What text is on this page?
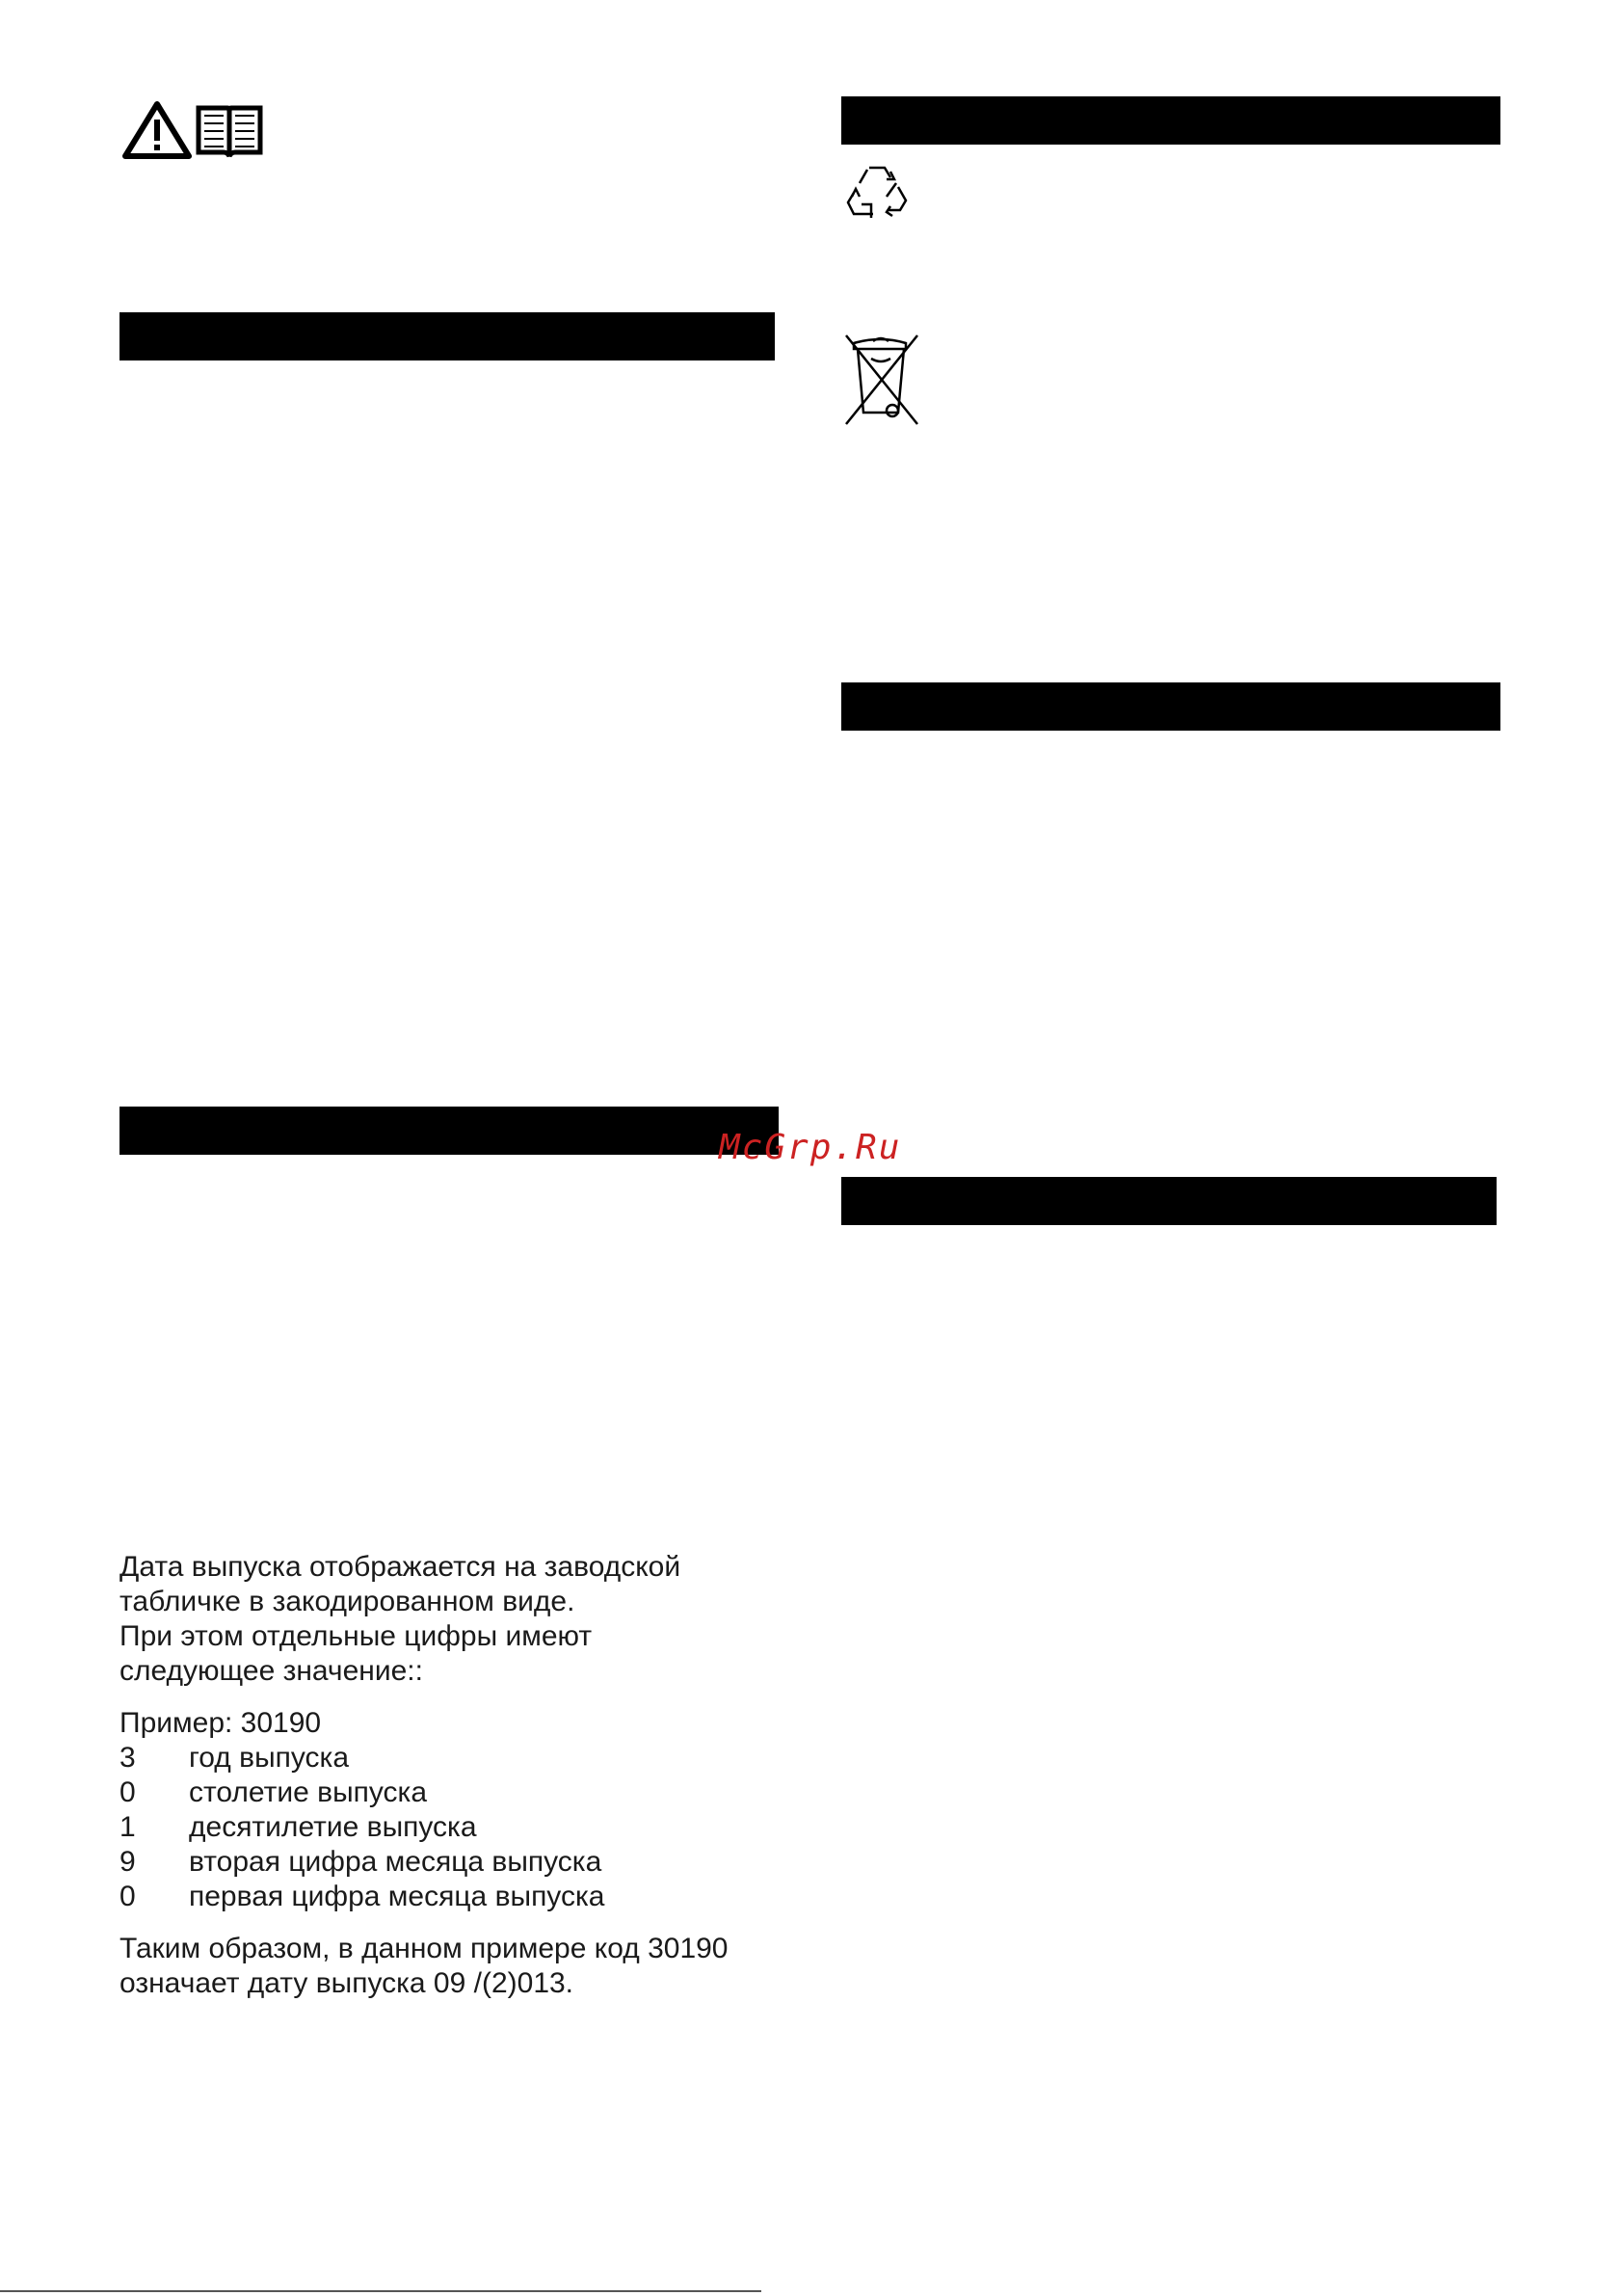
McGrp.Ru
Дата выпуска отображается на заводской
табличке в закодированном виде.
При этом отдельные цифры имеют
следующее значение::
Пример: 30190
3	год выпуска
0	столетие выпуска
1	десятилетие выпуска
9	вторая цифра месяца выпуска
0	первая цифра месяца выпуска
Таким образом, в данном примере код 30190
означает дату выпуска 09 /(2)013.
